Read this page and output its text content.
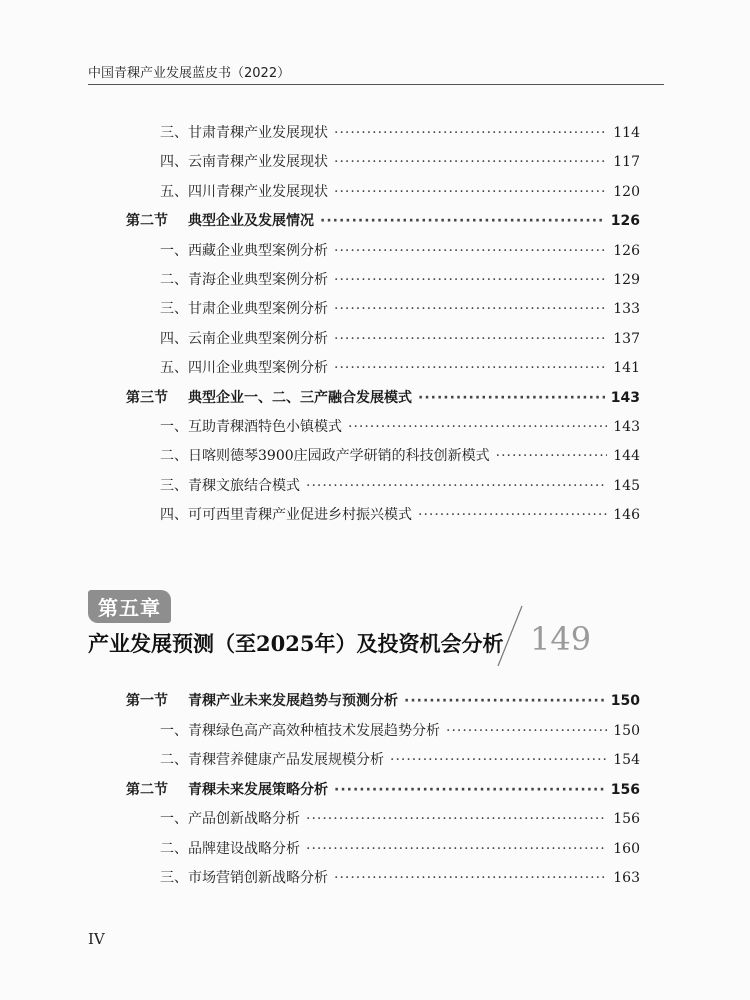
中国青稞产业发展蓝皮书（2022）
三、甘肃青稞产业发展现状 ·····	114
四、云南青稞产业发展现状 ·····	117
五、四川青稞产业发展现状 ·····	120
第二节 典型企业及发展情况 ·····	126
一、西藏企业典型案例分析 ·····	126
二、青海企业典型案例分析 ·····	129
三、甘肃企业典型案例分析 ·····	133
四、云南企业典型案例分析 ·····	137
五、四川企业典型案例分析 ·····	141
第三节 典型企业一、二、三产融合发展模式 ·····	143
一、互助青稞酒特色小镇模式 ·····	143
二、日喀则德琴3900庄园政产学研销的科技创新模式 ·····	144
三、青稞文旅结合模式 ·····	145
四、可可西里青稞产业促进乡村振兴模式 ·····	146
第一节 青稞产业未来发展趋势与预测分析 ·····	150
一、青稞绿色高产高效种植技术发展趋势分析 ·····	150
二、青稞营养健康产品发展规模分析 ·····	154
第二节 青稞未来发展策略分析 ·····	156
一、产品创新战略分析 ·····	156
二、品牌建设战略分析 ·····	160
三、市场营销创新战略分析 ·····	163
第五章
产业发展预测（至2025年）及投资机会分析 149
IV
